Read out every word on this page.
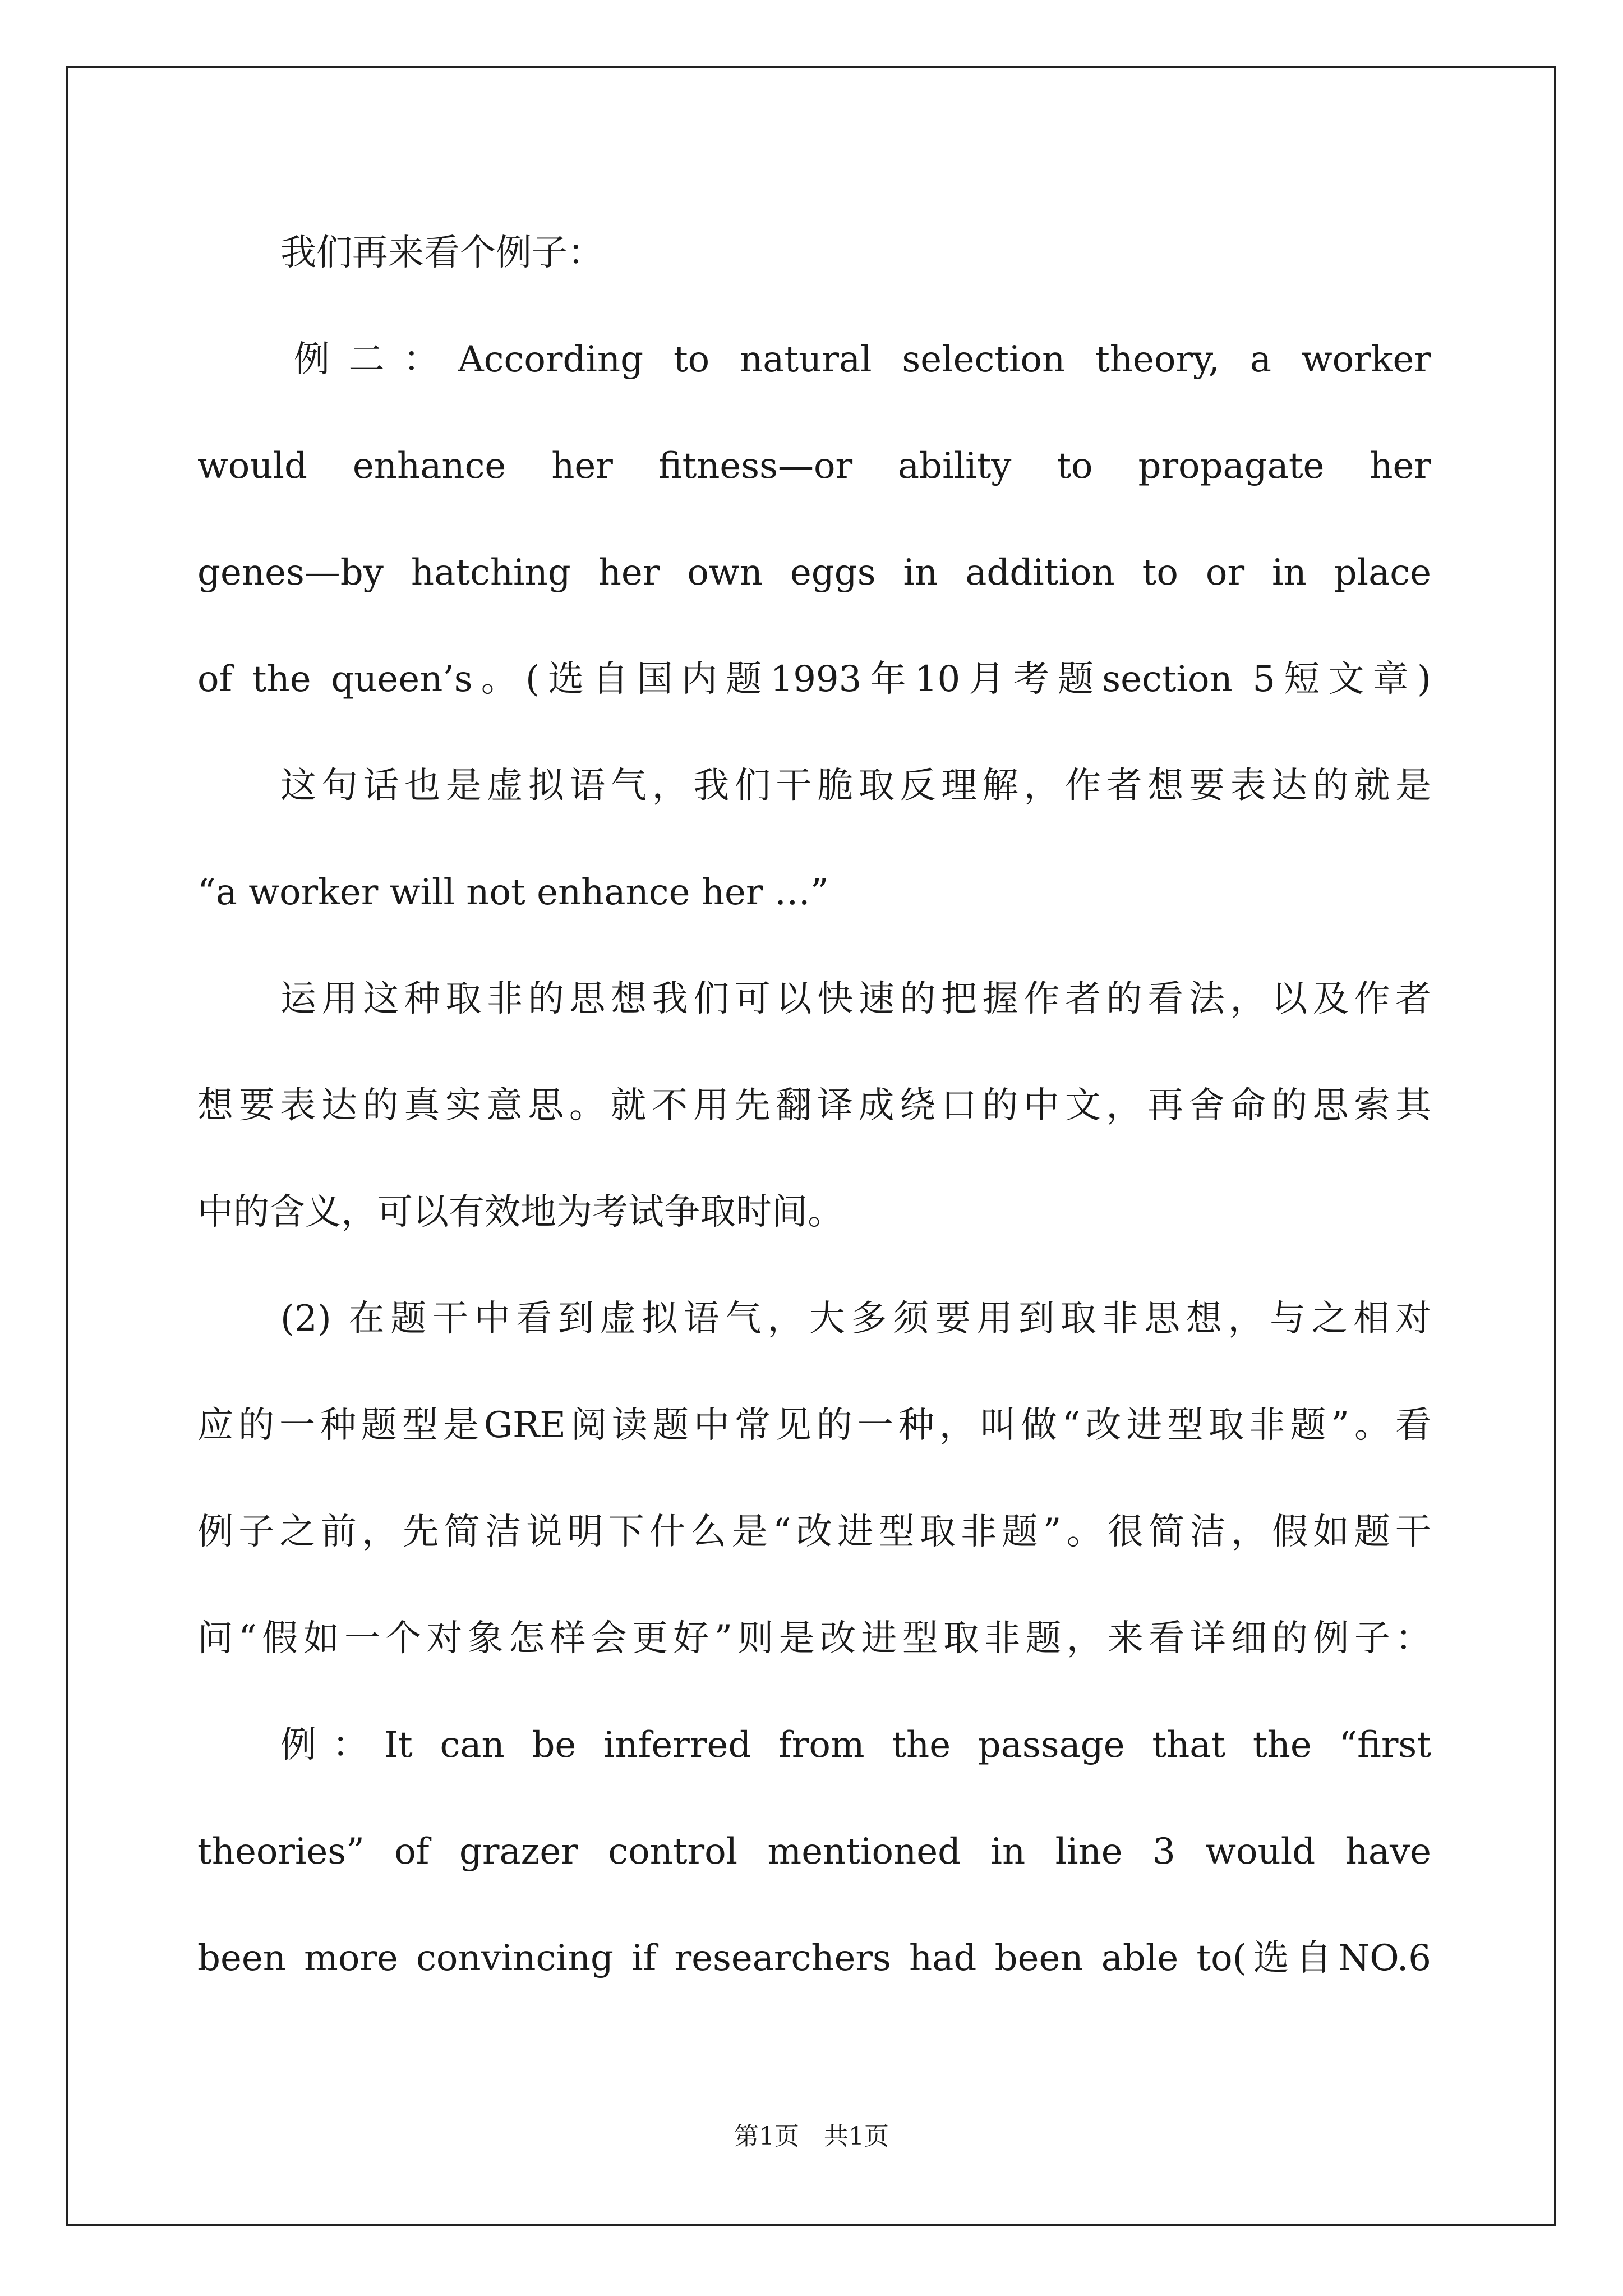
我们再来看个例子：
例二：According to natural selection theory, a worker
would enhance her fitness—or ability to propagate her
genes—by hatching her own eggs in addition to or in place
of the queen’s。(选自国内题1993年10月考题section 5短文章)
这句话也是虚拟语气，我们干脆取反理解，作者想要表达的就是
“a worker will not enhance her …”
运用这种取非的思想我们可以快速的把握作者的看法，以及作者
想要表达的真实意思。就不用先翻译成绕口的中文，再舍命的思索其
中的含义，可以有效地为考试争取时间。
(2) 在题干中看到虚拟语气，大多须要用到取非思想，与之相对
应的一种题型是GRE阅读题中常见的一种，叫做“改进型取非题”。看
例子之前，先简洁说明下什么是“改进型取非题”。很简洁，假如题干
问“假如一个对象怎样会更好”则是改进型取非题，来看详细的例子：
例：It can be inferred from the passage that the “first
theories” of grazer control mentioned in line 3 would have
been more convincing if researchers had been able to(选自NO.6
第1页　共1页
